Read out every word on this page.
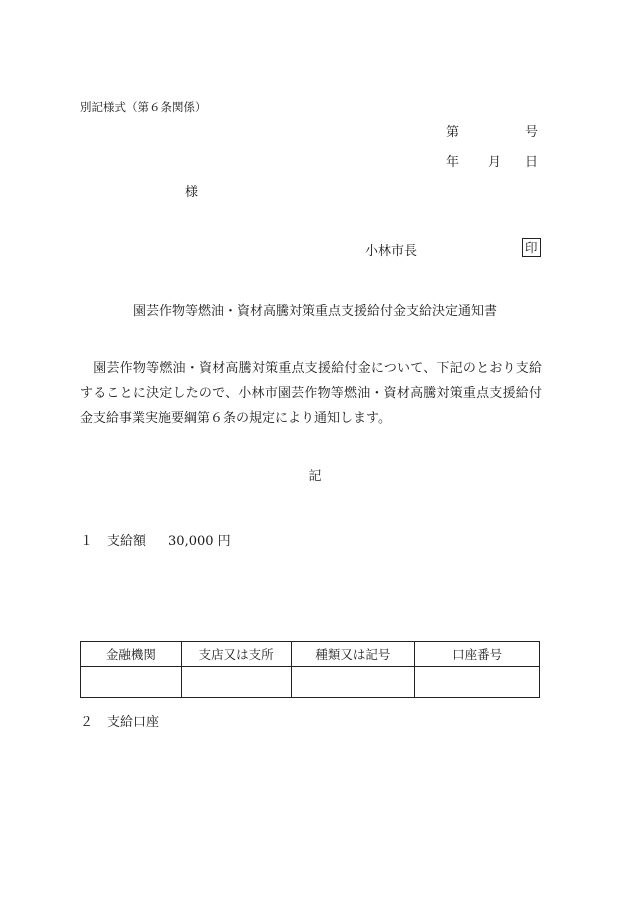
別記様式（第６条関係）
第	号
年 月 日
様
小林市長	印
園芸作物等燃油・資材高騰対策重点支援給付金支給決定通知書
　園芸作物等燃油・資材高騰対策重点支援給付金について、下記のとおり支給することに決定したので、小林市園芸作物等燃油・資材高騰対策重点支援給付金支給事業実施要綱第６条の規定により通知します。
記
１ 支給額 30,000 円
金融機関	支店又は支所	種類又は記号	口座番号

２ 支給口座
